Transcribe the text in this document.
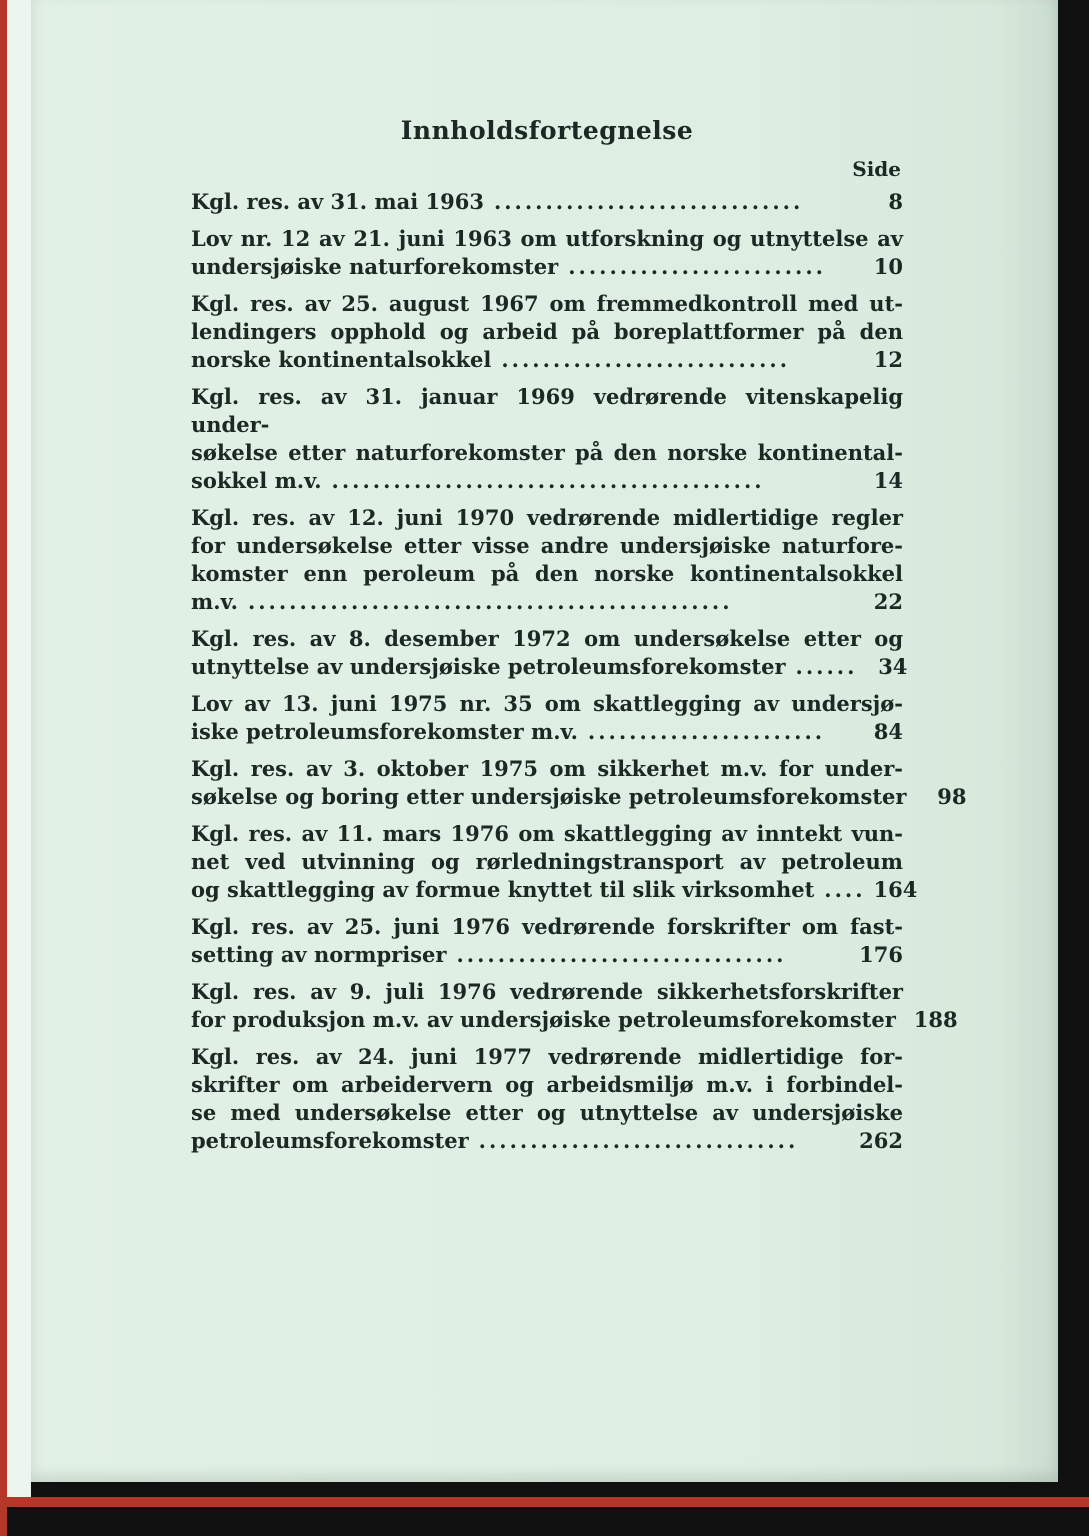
Innholdsfortegnelse
Side
Kgl. res. av 31. mai 1963 ..............................	8
Lov nr. 12 av 21. juni 1963 om utforskning og utnyttelse av
undersjøiske naturforekomster .........................	10
Kgl. res. av 25. august 1967 om fremmedkontroll med ut-
lendingers opphold og arbeid på boreplattformer på den
norske kontinentalsokkel ............................	12
Kgl. res. av 31. januar 1969 vedrørende vitenskapelig under-
søkelse etter naturforekomster på den norske kontinental-
sokkel m.v. ..........................................	14
Kgl. res. av 12. juni 1970 vedrørende midlertidige regler
for undersøkelse etter visse andre undersjøiske naturfore-
komster enn peroleum på den norske kontinentalsokkel
m.v. ...............................................	22
Kgl. res. av 8. desember 1972 om undersøkelse etter og
utnyttelse av undersjøiske petroleumsforekomster ...... 34
Lov av 13. juni 1975 nr. 35 om skattlegging av undersjø-
iske petroleumsforekomster m.v. .......................	84
Kgl. res. av 3. oktober 1975 om sikkerhet m.v. for under-
søkelse og boring etter undersjøiske petroleumsforekomster	98
Kgl. res. av 11. mars 1976 om skattlegging av inntekt vun-
net ved utvinning og rørledningstransport av petroleum
og skattlegging av formue knyttet til slik virksomhet .... 164
Kgl. res. av 25. juni 1976 vedrørende forskrifter om fast-
setting av normpriser ................................	176
Kgl. res. av 9. juli 1976 vedrørende sikkerhetsforskrifter
for produksjon m.v. av undersjøiske petroleumsforekomster 188
Kgl. res. av 24. juni 1977 vedrørende midlertidige for-
skrifter om arbeidervern og arbeidsmiljø m.v. i forbindel-
se med undersøkelse etter og utnyttelse av undersjøiske
petroleumsforekomster ...............................	262
